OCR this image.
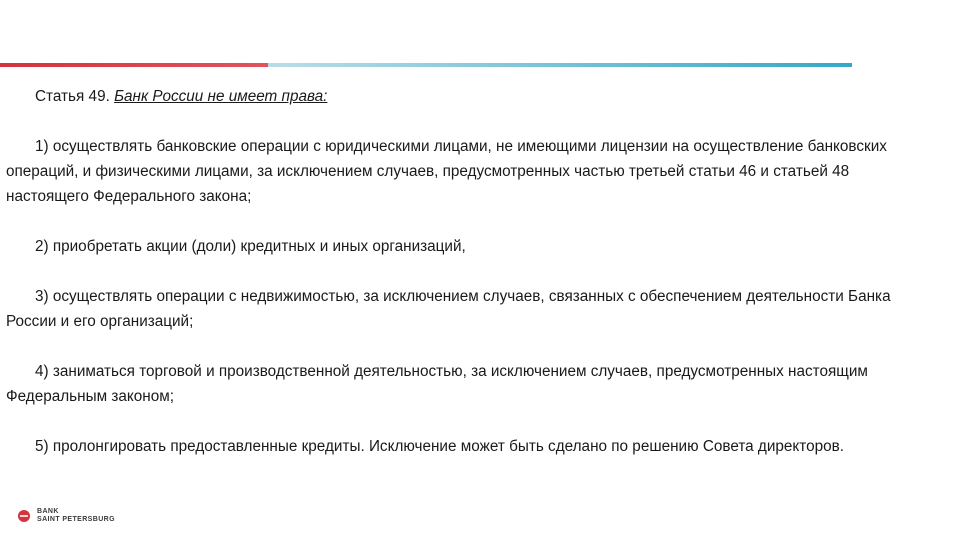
Статья 49. Банк России не имеет права:

1) осуществлять банковские операции с юридическими лицами, не имеющими лицензии на осуществление банковских операций, и физическими лицами, за исключением случаев, предусмотренных частью третьей статьи 46 и статьей 48 настоящего Федерального закона;

2) приобретать акции (доли) кредитных и иных организаций,

3) осуществлять операции с недвижимостью, за исключением случаев, связанных с обеспечением деятельности Банка России и его организаций;

4) заниматься торговой и производственной деятельностью, за исключением случаев, предусмотренных настоящим Федеральным законом;

5) пролонгировать предоставленные кредиты. Исключение может быть сделано по решению Совета директоров.

BANK
SAINT PETERSBURG
